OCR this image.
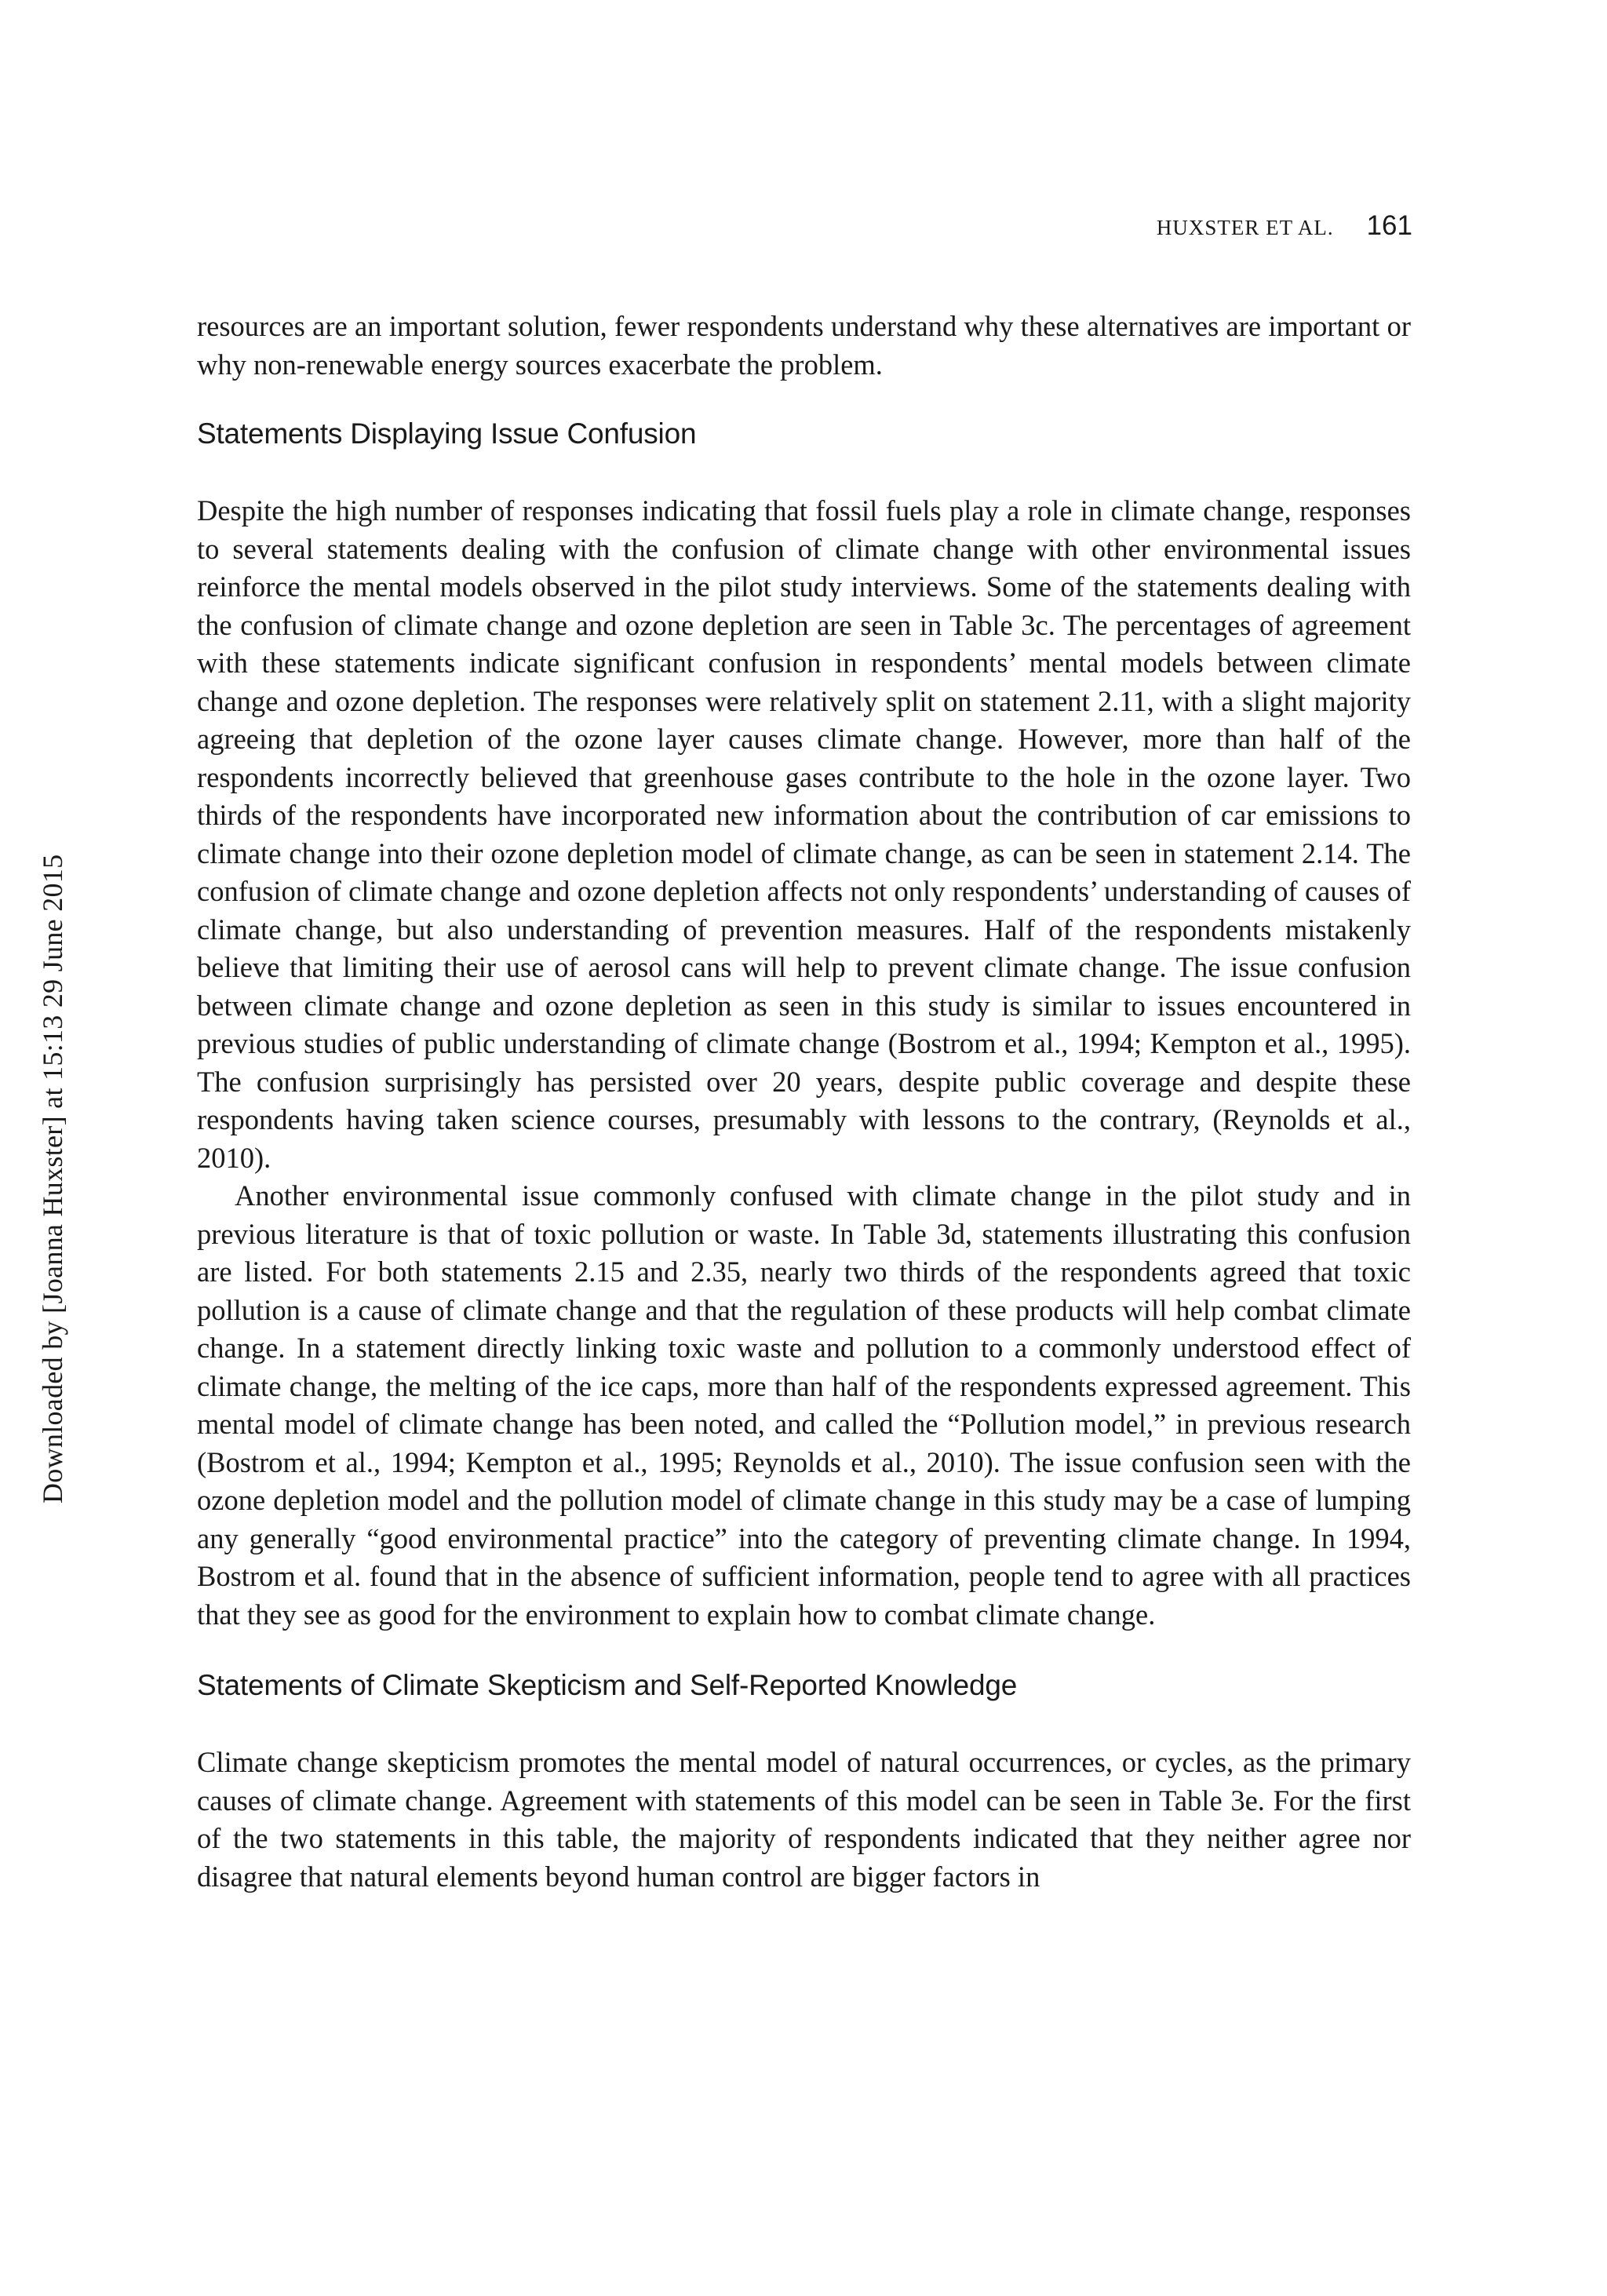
HUXSTER ET AL. 161
Downloaded by [Joanna Huxster] at 15:13 29 June 2015

resources are an important solution, fewer respondents understand why these alternatives are important or why non-renewable energy sources exacerbate the problem.

Statements Displaying Issue Confusion

Despite the high number of responses indicating that fossil fuels play a role in climate change, responses to several statements dealing with the confusion of climate change with other environmental issues reinforce the mental models observed in the pilot study interviews. Some of the statements dealing with the confusion of climate change and ozone depletion are seen in Table 3c. The percentages of agreement with these statements indicate significant confusion in respondents’ mental models between climate change and ozone depletion. The responses were relatively split on statement 2.11, with a slight majority agreeing that depletion of the ozone layer causes climate change. However, more than half of the respondents incorrectly believed that greenhouse gases contribute to the hole in the ozone layer. Two thirds of the respondents have incorporated new information about the contribution of car emissions to climate change into their ozone depletion model of climate change, as can be seen in statement 2.14. The confusion of climate change and ozone depletion affects not only respondents’ understanding of causes of climate change, but also understanding of prevention measures. Half of the respondents mistakenly believe that limiting their use of aerosol cans will help to prevent climate change. The issue confusion between climate change and ozone depletion as seen in this study is similar to issues encountered in previous studies of public understanding of climate change (Bostrom et al., 1994; Kempton et al., 1995). The confusion surprisingly has persisted over 20 years, despite public coverage and despite these respondents having taken science courses, presumably with lessons to the contrary, (Reynolds et al., 2010).

Another environmental issue commonly confused with climate change in the pilot study and in previous literature is that of toxic pollution or waste. In Table 3d, statements illustrating this confusion are listed. For both statements 2.15 and 2.35, nearly two thirds of the respondents agreed that toxic pollution is a cause of climate change and that the regulation of these products will help combat climate change. In a statement directly linking toxic waste and pollution to a commonly understood effect of climate change, the melting of the ice caps, more than half of the respondents expressed agreement. This mental model of climate change has been noted, and called the “Pollution model,” in previous research (Bostrom et al., 1994; Kempton et al., 1995; Reynolds et al., 2010). The issue confusion seen with the ozone depletion model and the pollution model of climate change in this study may be a case of lumping any generally “good environmental practice” into the category of preventing climate change. In 1994, Bostrom et al. found that in the absence of sufficient information, people tend to agree with all practices that they see as good for the environment to explain how to combat climate change.

Statements of Climate Skepticism and Self-Reported Knowledge

Climate change skepticism promotes the mental model of natural occurrences, or cycles, as the primary causes of climate change. Agreement with statements of this model can be seen in Table 3e. For the first of the two statements in this table, the majority of respondents indicated that they neither agree nor disagree that natural elements beyond human control are bigger factors in
